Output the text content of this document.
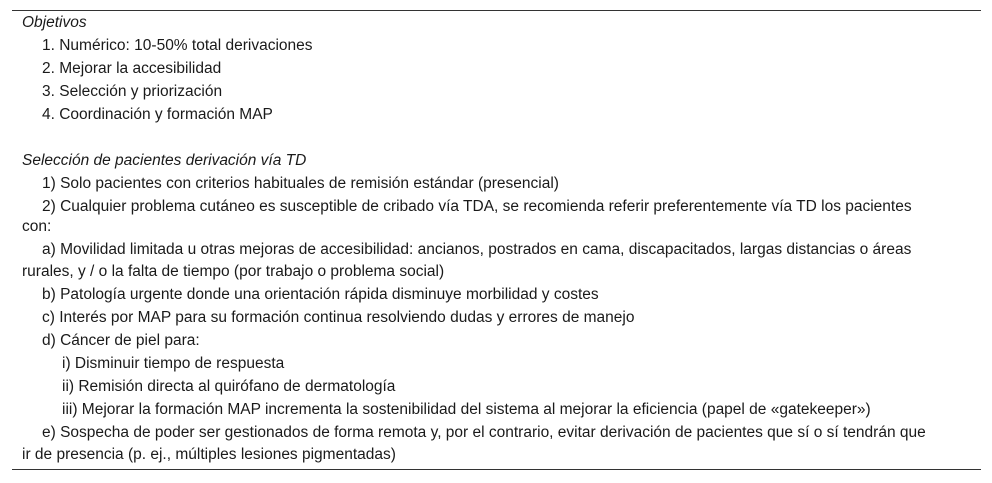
Objetivos
1. Numérico: 10-50% total derivaciones
2. Mejorar la accesibilidad
3. Selección y priorización
4. Coordinación y formación MAP
Selección de pacientes derivación vía TD
1) Solo pacientes con criterios habituales de remisión estándar (presencial)
2) Cualquier problema cutáneo es susceptible de cribado vía TDA, se recomienda referir preferentemente vía TD los pacientes
con:
a) Movilidad limitada u otras mejoras de accesibilidad: ancianos, postrados en cama, discapacitados, largas distancias o áreas
rurales, y / o la falta de tiempo (por trabajo o problema social)
b) Patología urgente donde una orientación rápida disminuye morbilidad y costes
c) Interés por MAP para su formación continua resolviendo dudas y errores de manejo
d) Cáncer de piel para:
i) Disminuir tiempo de respuesta
ii) Remisión directa al quirófano de dermatología
iii) Mejorar la formación MAP incrementa la sostenibilidad del sistema al mejorar la eficiencia (papel de «gatekeeper»)
e) Sospecha de poder ser gestionados de forma remota y, por el contrario, evitar derivación de pacientes que sí o sí tendrán que
ir de presencia (p. ej., múltiples lesiones pigmentadas)
